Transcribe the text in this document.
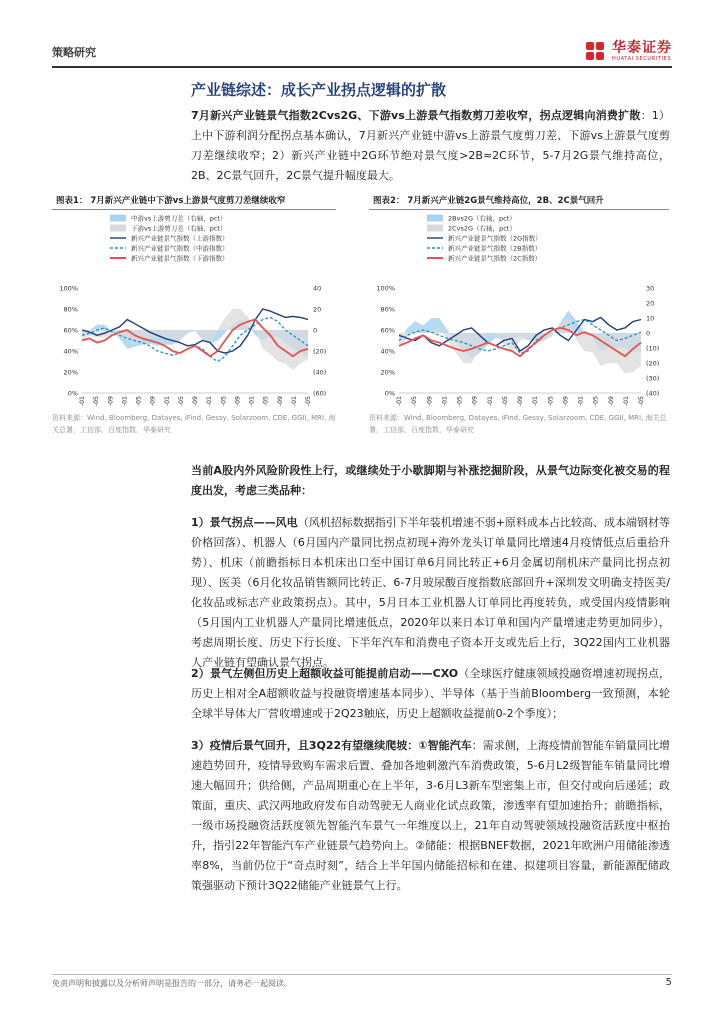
策略研究	华泰证券
HUATAI SECURITIES
产业链综述：成长产业拐点逻辑的扩散
7月新兴产业链景气指数2Cvs2G、下游vs上游景气指数剪刀差收窄，拐点逻辑向消费扩散：1）上中下游利润分配拐点基本确认，7月新兴产业链中游vs上游景气度剪刀差、下游vs上游景气度剪刀差继续收窄；2）新兴产业链中2G环节绝对景气度>2B≈2C环节，5-7月2G景气维持高位，2B、2C景气回升，2C景气提升幅度最大。
图表1： 7月新兴产业链中下游vs上游景气度剪刀差继续收窄
中游vs上游剪刀差（右轴，pct）
下游vs上游剪刀差（右轴，pct）
新兴产业链景气指数（上游指数）
新兴产业链景气指数（中游指数）
新兴产业链景气指数（下游指数）
100%
80%
60%
40%
20%
0%
40
20
0
(20)
(40)
(60)
资料来源：Wind, Bloomberg, Datayes, iFind, Gessy, Solarzoom, CDE, GGII, MRI, 海关总署，工信部，百度指数，华泰研究
图表2： 7月新兴产业链2G景气维持高位，2B、2C景气回升
2Bvs2G（右轴，pct）
2Cvs2G（右轴，pct）
新兴产业链景气指数（2G指数）
新兴产业链景气指数（2B指数）
新兴产业链景气指数（2C指数）
100%
80%
60%
40%
20%
0%
30
20
10
0
(10)
(20)
(30)
(40)
资料来源：Wind, Bloomberg, Datayes, iFind, Gessy, Solarzoom, CDE, GGII, MRI, 海关总署，工信部，百度指数，华泰研究
当前A股内外风险阶段性上行，或继续处于小歇脚期与补涨挖掘阶段，从景气边际变化被交易的程度出发，考虑三类品种：
1）景气拐点——风电（风机招标数据指引下半年装机增速不弱+原料成本占比较高、成本端钢材等价格回落）、机器人（6月国内产量同比拐点初现+海外龙头订单量同比增速4月疫情低点后重拾升势）、机床（前瞻指标日本机床出口至中国订单6月同比转正+6月金属切削机床产量同比拐点初现）、医美（6月化妆品销售额同比转正、6-7月玻尿酸百度指数底部回升+深圳发文明确支持医美/化妆品或标志产业政策拐点）。其中，5月日本工业机器人订单同比再度转负，或受国内疫情影响（5月国内工业机器人产量同比增速低点，2020年以来日本订单和国内产量增速走势更加同步），考虑周期长度、历史下行长度、下半年汽车和消费电子资本开支或先后上行，3Q22国内工业机器人产业链有望确认景气拐点。
2）景气左侧但历史上超额收益可能提前启动——CXO（全球医疗健康领域投融资增速初现拐点，历史上相对全A超额收益与投融资增速基本同步）、半导体（基于当前Bloomberg一致预测，本轮全球半导体大厂营收增速或于2Q23触底，历史上超额收益提前0-2个季度）；
3）疫情后景气回升，且3Q22有望继续爬坡：①智能汽车：需求侧，上海疫情前智能车销量同比增速趋势回升，疫情导致购车需求后置、叠加各地刺激汽车消费政策，5-6月L2级智能车销量同比增速大幅回升；供给侧，产品周期重心在上半年，3-6月L3新车型密集上市，但交付或向后递延；政策面，重庆、武汉两地政府发布自动驾驶无人商业化试点政策，渗透率有望加速抬升；前瞻指标，一级市场投融资活跃度领先智能汽车景气一年维度以上，21年自动驾驶领域投融资活跃度中枢抬升，指引22年智能汽车产业链景气趋势向上。②储能：根据BNEF数据，2021年欧洲户用储能渗透率8%，当前仍位于“奇点时刻”，结合上半年国内储能招标和在建、拟建项目容量，新能源配储政策强驱动下预计3Q22储能产业链景气上行。
免责声明和披露以及分析师声明是报告的一部分，请务必一起阅读。	5
